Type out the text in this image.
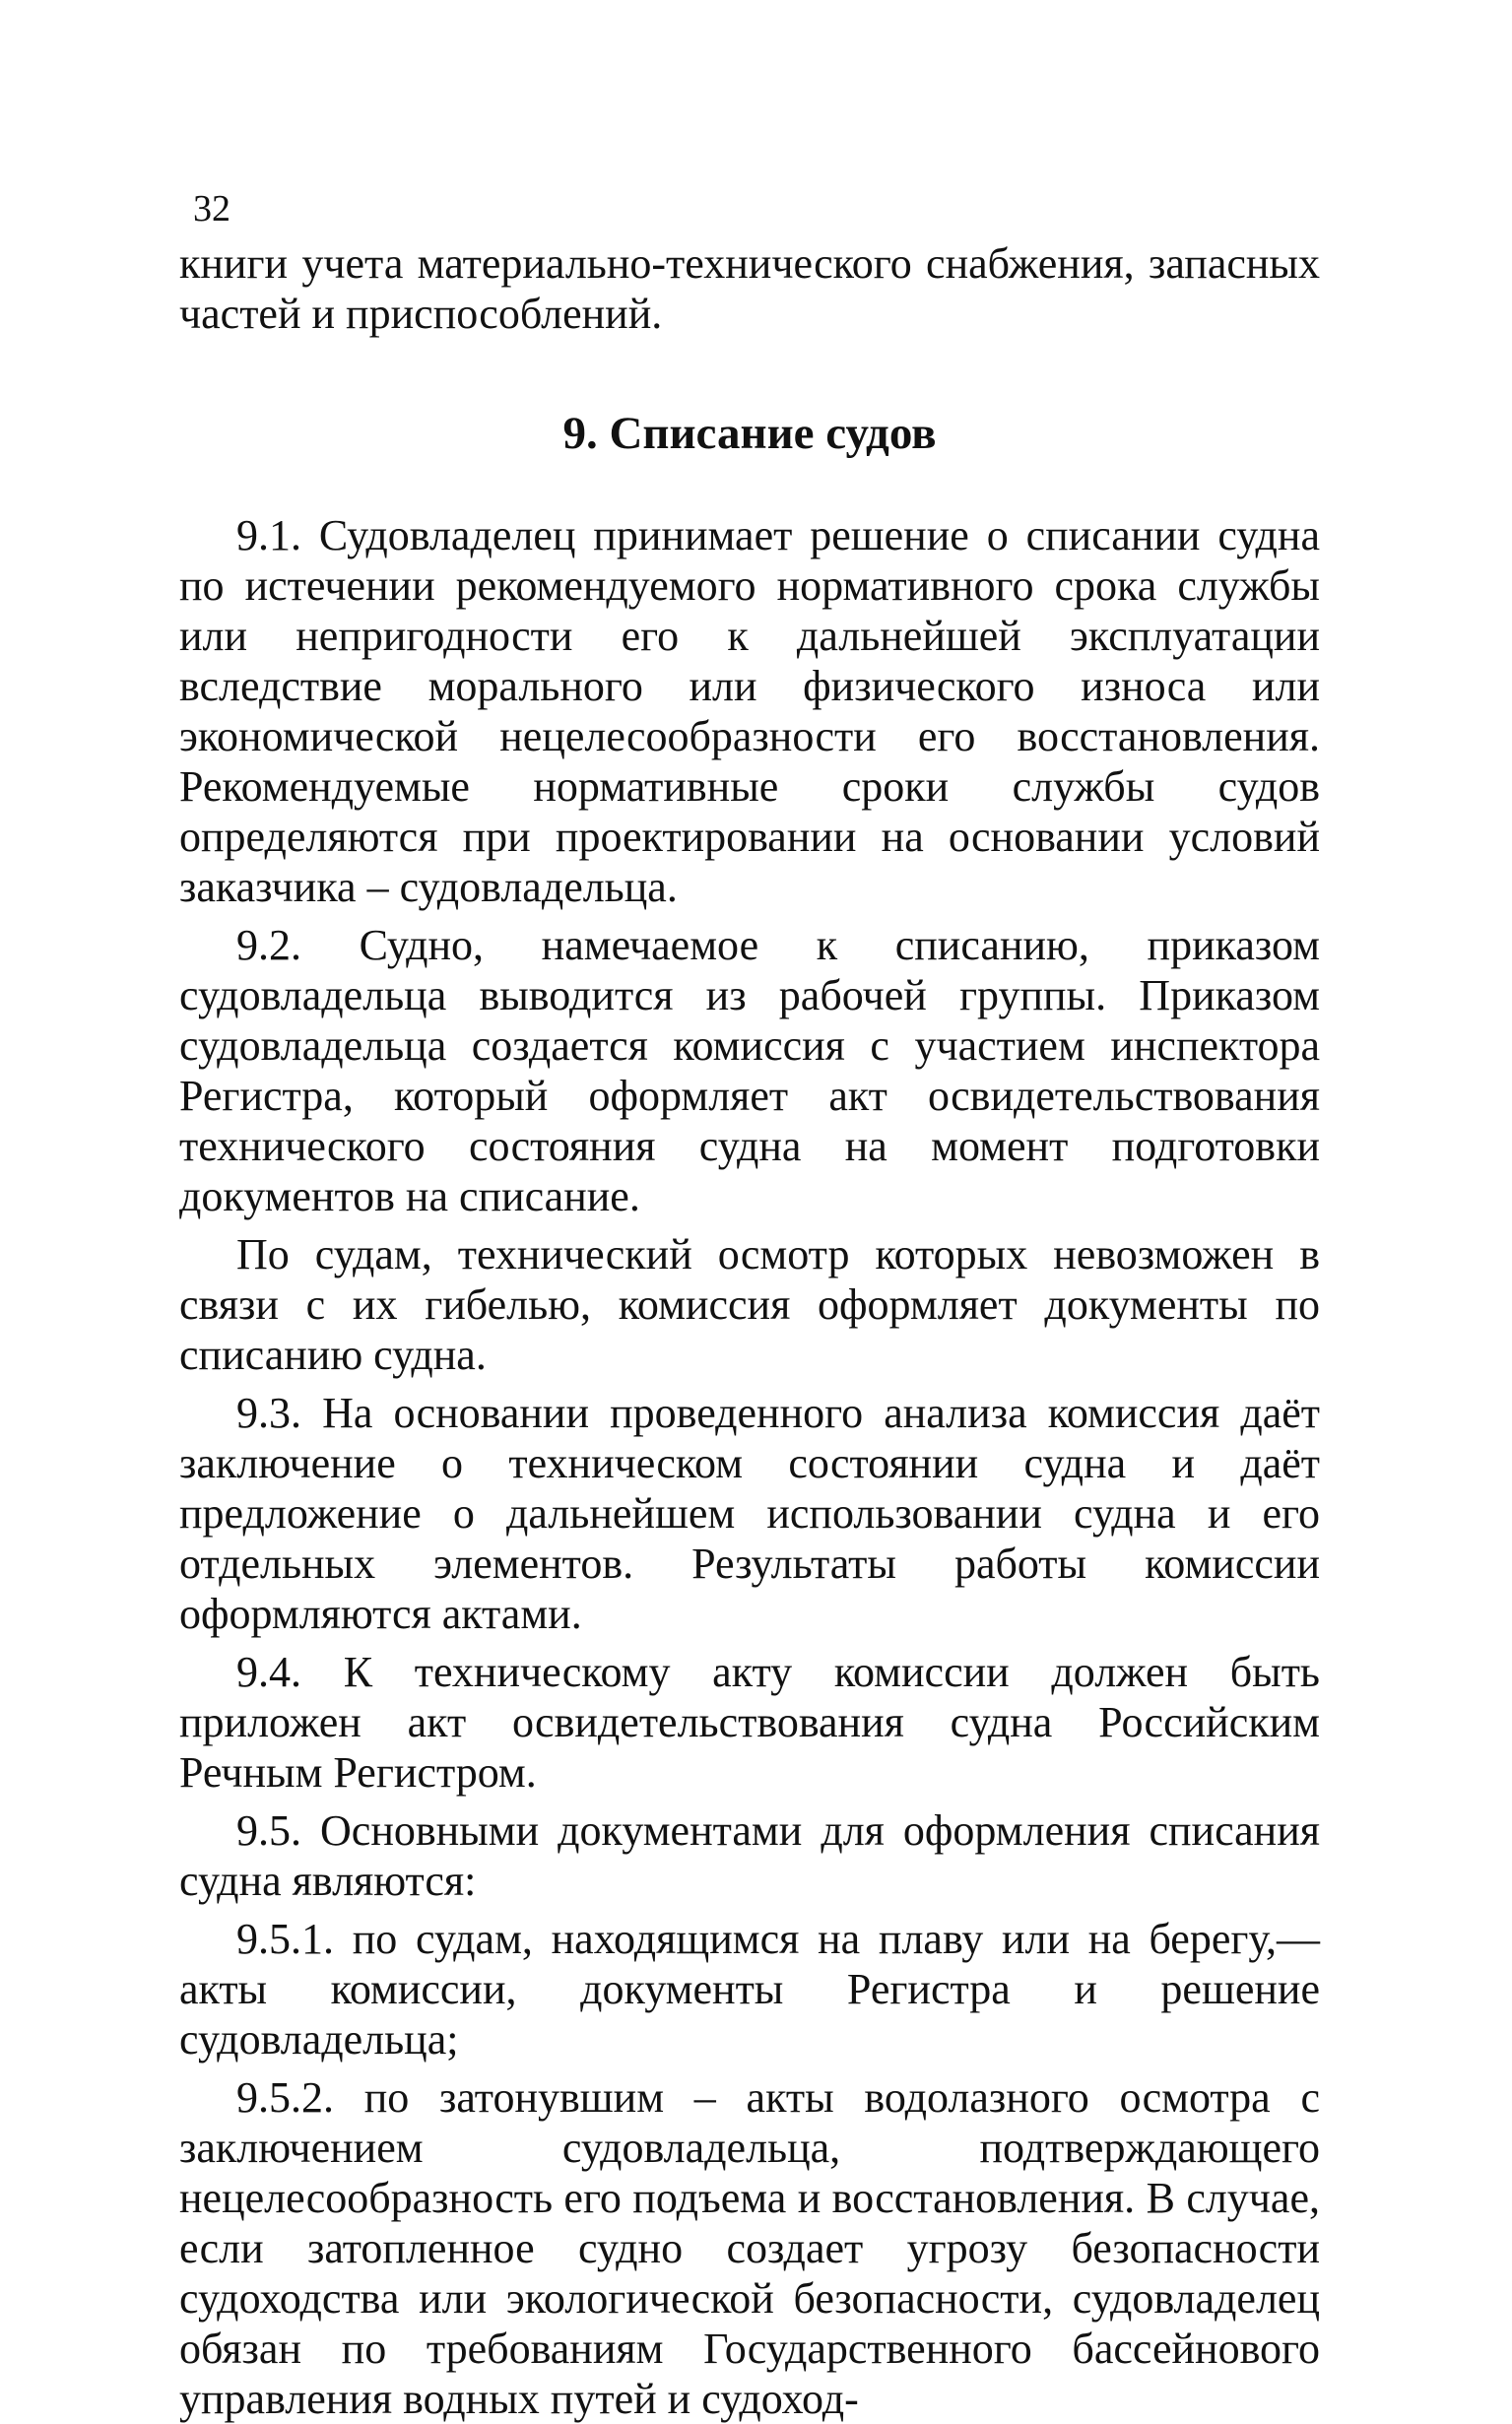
32

книги учета материально-технического снабжения, запасных частей и приспособлений.

9. Списание судов

9.1. Судовладелец принимает решение о списании судна по истечении рекомендуемого нормативного срока службы или непригодности его к дальнейшей эксплуатации вследствие морального или физического износа или экономической нецелесообразности его восстановления. Рекомендуемые нормативные сроки службы судов определяются при проектировании на основании условий заказчика – судовладельца.

9.2. Судно, намечаемое к списанию, приказом судовладельца выводится из рабочей группы. Приказом судовладельца создается комиссия с участием инспектора Регистра, который оформляет акт освидетельствования технического состояния судна на момент подготовки документов на списание.

По судам, технический осмотр которых невозможен в связи с их гибелью, комиссия оформляет документы по списанию судна.

9.3. На основании проведенного анализа комиссия даёт заключение о техническом состоянии судна и даёт предложение о дальнейшем использовании судна и его отдельных элементов. Результаты работы комиссии оформляются актами.

9.4. К техническому акту комиссии должен быть приложен акт освидетельствования судна Российским Речным Регистром.

9.5. Основными документами для оформления списания судна являются:

9.5.1. по судам, находящимся на плаву или на берегу,— акты комиссии, документы Регистра и решение судовладельца;

9.5.2. по затонувшим – акты водолазного осмотра с заключением судовладельца, подтверждающего нецелесообразность его подъема и восстановления. В случае, если затопленное судно создает угрозу безопасности судоходства или экологической безопасности, судовладелец обязан по требованиям Государственного бассейнового управления водных путей и судоход-
